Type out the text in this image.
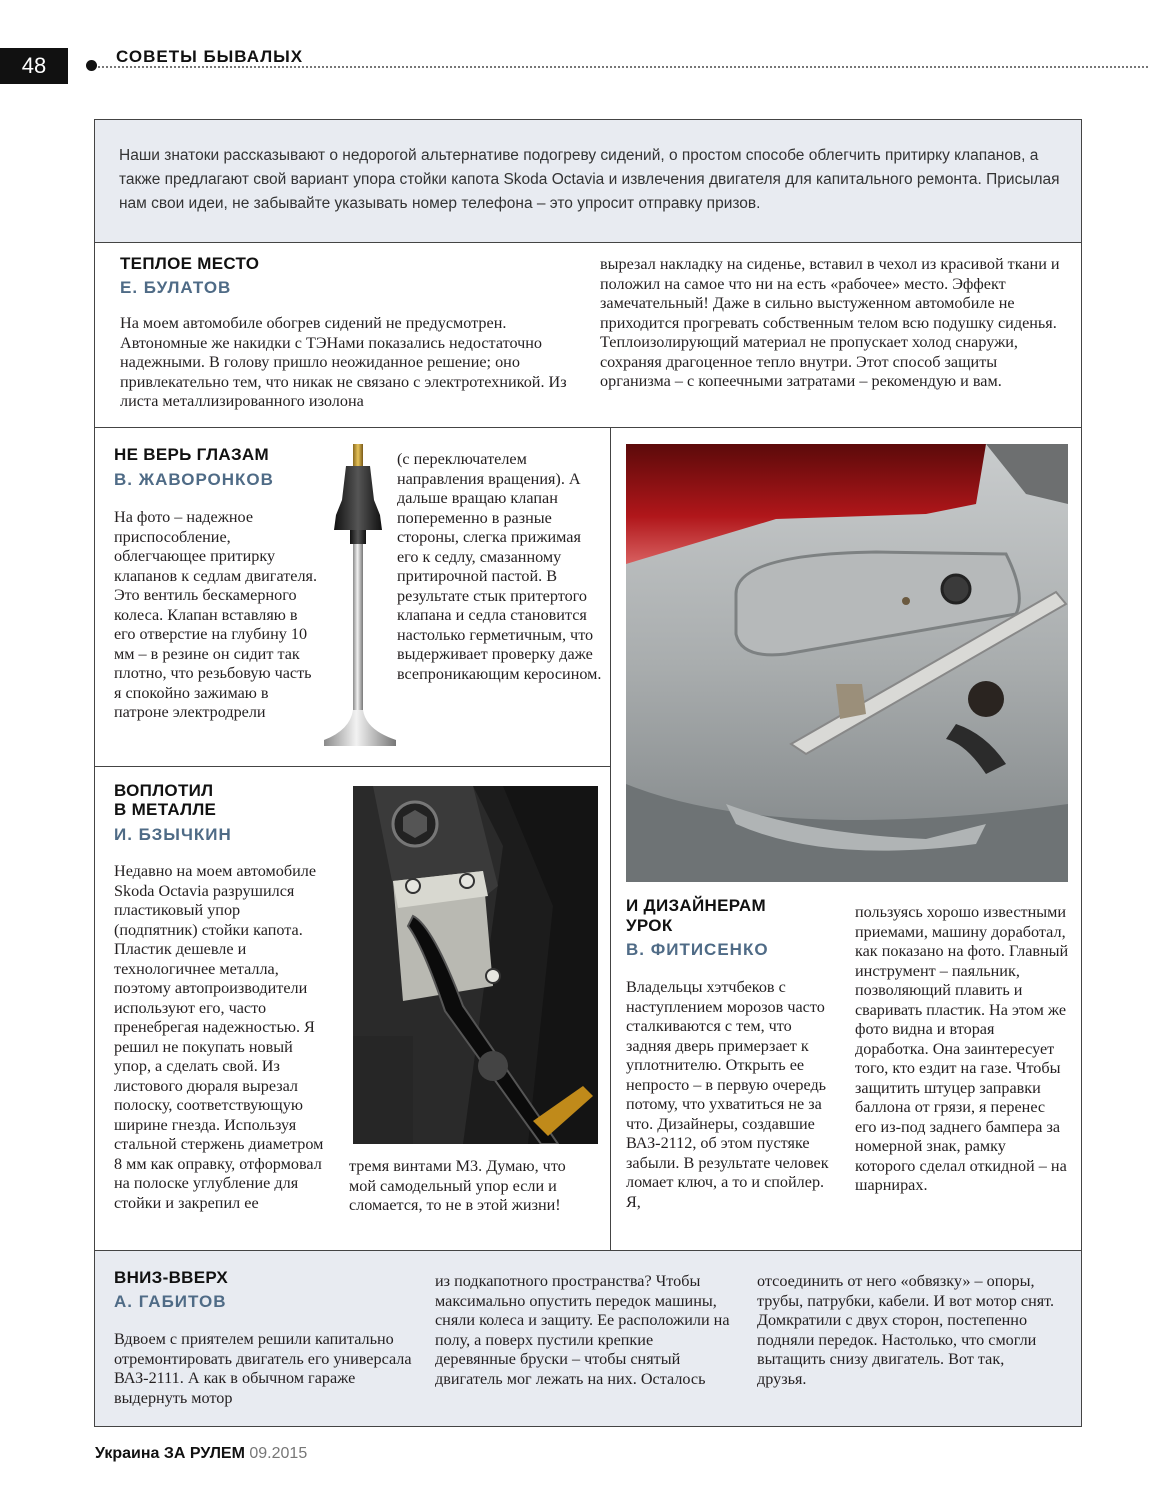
48	СОВЕТЫ БЫВАЛЫХ

Наши знатоки рассказывают о недорогой альтернативе подогреву сидений, о простом способе облегчить притирку клапанов, а также предлагают свой вариант упора стойки капота Skoda Octavia и извлечения двигателя для капитального ремонта. Присылая нам свои идеи, не забывайте указывать номер телефона – это упросит отправку призов.

ТЕПЛОЕ МЕСТО
Е. БУЛАТОВ

На моем автомобиле обогрев сидений не предусмотрен. Автономные же накидки с ТЭНами показались недостаточно надежными. В голову пришло неожиданное решение; оно привлекательно тем, что никак не связано с электротехникой. Из листа металлизированного изолона

вырезал накладку на сиденье, вставил в чехол из красивой ткани и положил на самое что ни на есть «рабочее» место. Эффект замечательный! Даже в сильно выстуженном автомобиле не приходится прогревать собственным телом всю подушку сиденья. Теплоизолирующий материал не пропускает холод снаружи, сохраняя драгоценное тепло внутри. Этот способ защиты организма – с копеечными затратами – рекомендую и вам.

НЕ ВЕРЬ ГЛАЗАМ
В. ЖАВОРОНКОВ

На фото – надежное приспособление, облегчающее притирку клапанов к седлам двигателя. Это вентиль бескамерного колеса. Клапан вставляю в его отверстие на глубину 10 мм – в резине он сидит так плотно, что резьбовую часть я спокойно зажимаю в патроне электродрели

(с переключателем направления вращения). А дальше вращаю клапан попеременно в разные стороны, слегка прижимая его к седлу, смазанному притирочной пастой. В результате стык притертого клапана и седла становится настолько герметичным, что выдерживает проверку даже всепроникающим керосином.

ВОПЛОТИЛ
В МЕТАЛЛЕ
И. БЗЫЧКИН

Недавно на моем автомобиле Skoda Octavia разрушился пластиковый упор (подпятник) стойки капота. Пластик дешевле и технологичнее металла, поэтому автопроизводители используют его, часто пренебрегая надежностью. Я решил не покупать новый упор, а сделать свой. Из листового дюраля вырезал полоску, соответствующую ширине гнезда. Используя стальной стержень диаметром 8 мм как оправку, отформовал на полоске углубление для стойки и закрепил ее

тремя винтами М3. Думаю, что мой самодельный упор если и сломается, то не в этой жизни!

И ДИЗАЙНЕРАМ
УРОК
В. ФИТИСЕНКО

Владельцы хэтчбеков с наступлением морозов часто сталкиваются с тем, что задняя дверь примерзает к уплотнителю. Открыть ее непросто – в первую очередь потому, что ухватиться не за что. Дизайнеры, создавшие ВАЗ-2112, об этом пустяке забыли. В результате человек ломает ключ, а то и спойлер. Я,

пользуясь хорошо известными приемами, машину доработал, как показано на фото. Главный инструмент – паяльник, позволяющий плавить и сваривать пластик. На этом же фото видна и вторая доработка. Она заинтересует того, кто ездит на газе. Чтобы защитить штуцер заправки баллона от грязи, я перенес его из-под заднего бампера за номерной знак, рамку которого сделал откидной – на шарнирах.

ВНИЗ-ВВЕРХ
А. ГАБИТОВ

Вдвоем с приятелем решили капитально отремонтировать двигатель его универсала ВАЗ-2111. А как в обычном гараже выдернуть мотор

из подкапотного пространства? Чтобы максимально опустить передок машины, сняли колеса и защиту. Ее расположили на полу, а поверх пустили крепкие деревянные бруски – чтобы снятый двигатель мог лежать на них. Осталось

отсоединить от него «обвязку» – опоры, трубы, патрубки, кабели. И вот мотор снят. Домкратили с двух сторон, постепенно подняли передок. Настолько, что смогли вытащить снизу двигатель. Вот так, друзья.

Украина ЗА РУЛЕМ 09.2015
